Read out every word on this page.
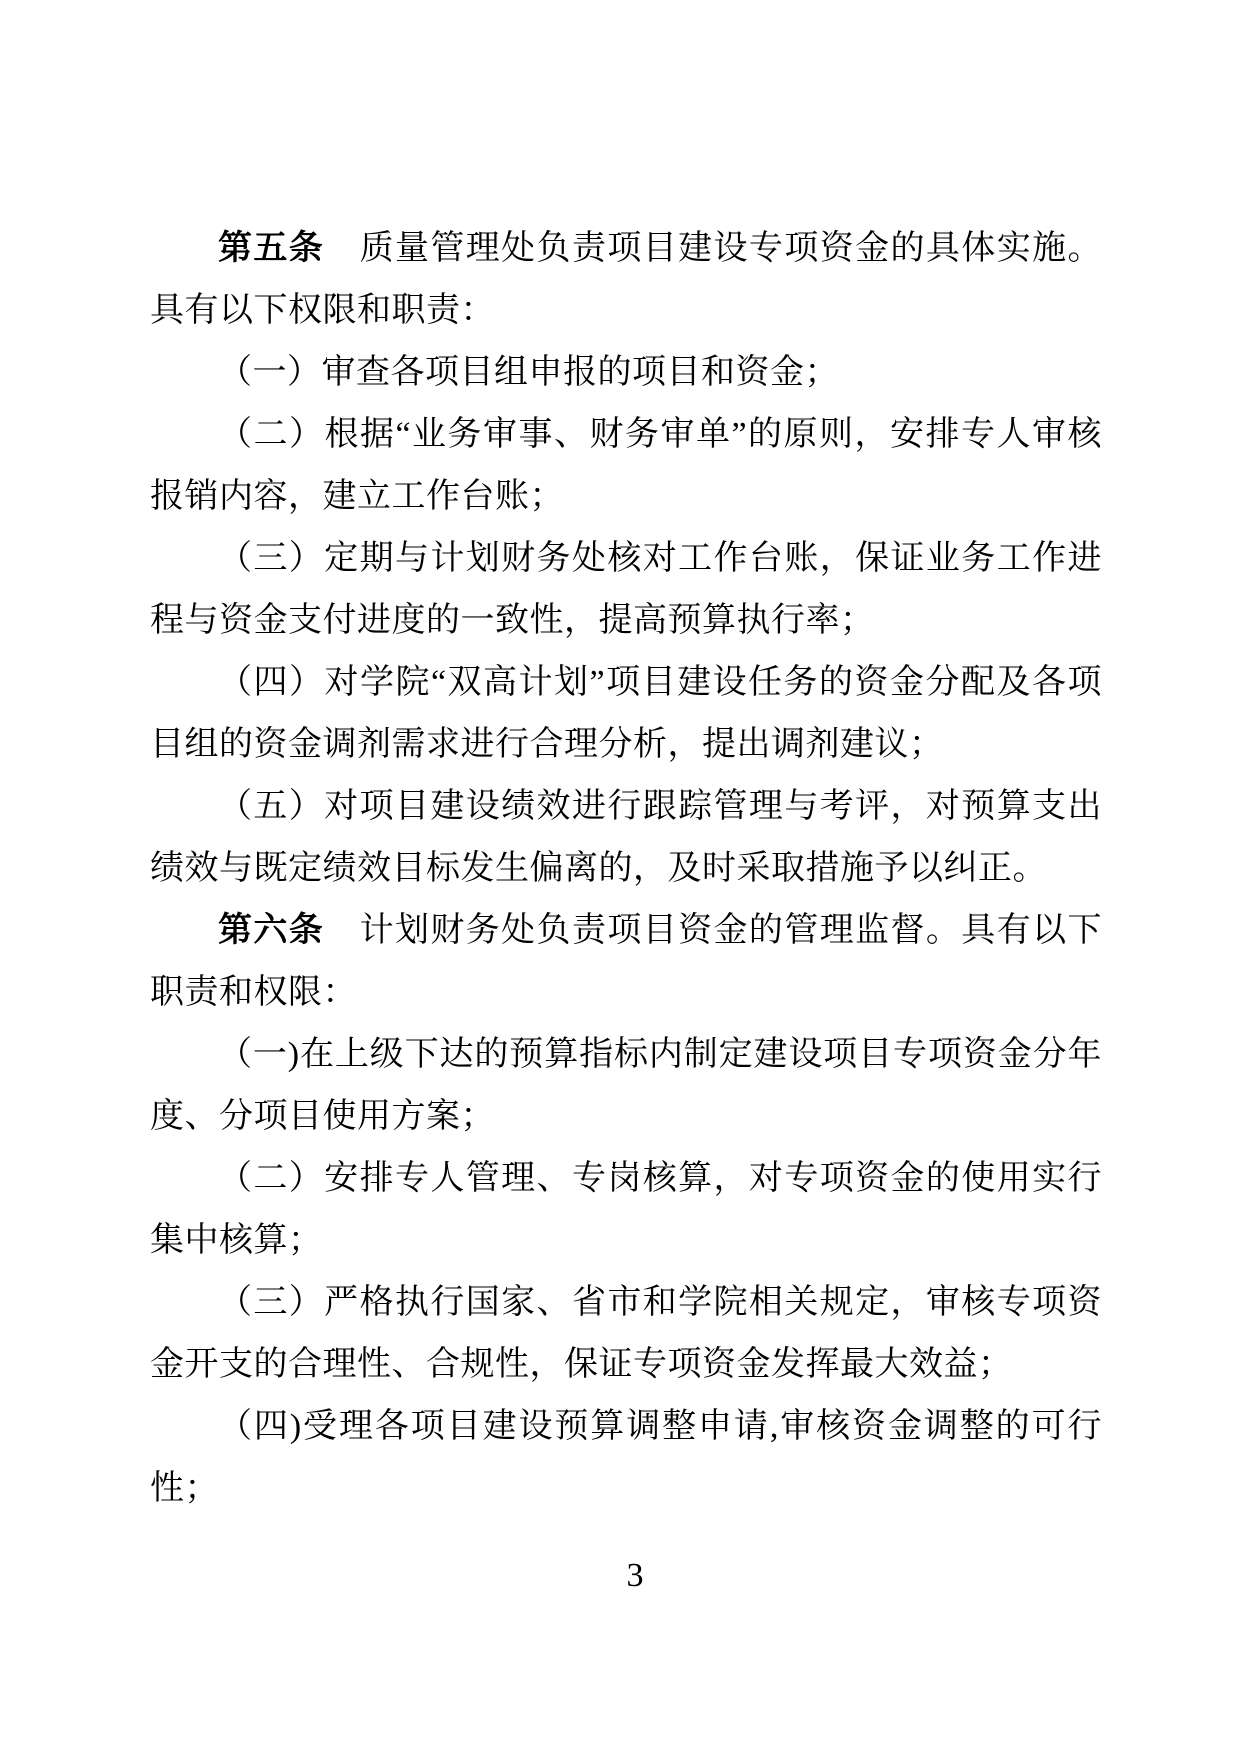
第五条　质量管理处负责项目建设专项资金的具体实施。具有以下权限和职责：

（一）审查各项目组申报的项目和资金；

（二）根据“业务审事、财务审单”的原则，安排专人审核报销内容，建立工作台账；

（三）定期与计划财务处核对工作台账，保证业务工作进程与资金支付进度的一致性，提高预算执行率；

（四）对学院“双高计划”项目建设任务的资金分配及各项目组的资金调剂需求进行合理分析，提出调剂建议；

（五）对项目建设绩效进行跟踪管理与考评，对预算支出绩效与既定绩效目标发生偏离的，及时采取措施予以纠正。

第六条　计划财务处负责项目资金的管理监督。具有以下职责和权限：

（一)在上级下达的预算指标内制定建设项目专项资金分年度、分项目使用方案；

（二）安排专人管理、专岗核算，对专项资金的使用实行集中核算；

（三）严格执行国家、省市和学院相关规定，审核专项资金开支的合理性、合规性，保证专项资金发挥最大效益；

（四)受理各项目建设预算调整申请,审核资金调整的可行性；

3
